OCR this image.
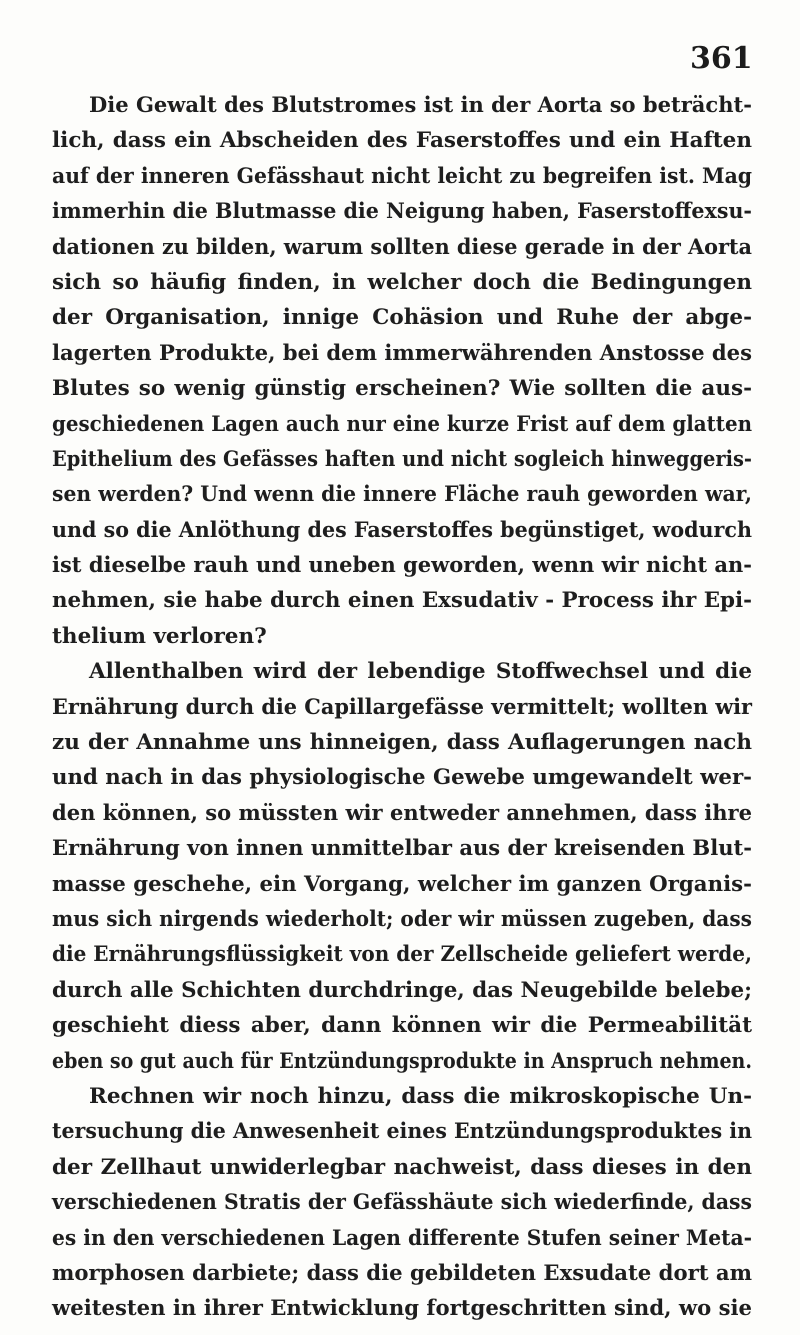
361
Die Gewalt des Blutstromes ist in der Aorta so beträcht-
lich, dass ein Abscheiden des Faserstoffes und ein Haften
auf der inneren Gefässhaut nicht leicht zu begreifen ist. Mag
immerhin die Blutmasse die Neigung haben, Faserstoffexsu-
dationen zu bilden, warum sollten diese gerade in der Aorta
sich so häufig finden, in welcher doch die Bedingungen
der Organisation, innige Cohäsion und Ruhe der abge-
lagerten Produkte, bei dem immerwährenden Anstosse des
Blutes so wenig günstig erscheinen? Wie sollten die aus-
geschiedenen Lagen auch nur eine kurze Frist auf dem glatten
Epithelium des Gefässes haften und nicht sogleich hinweggeris-
sen werden? Und wenn die innere Fläche rauh geworden war,
und so die Anlöthung des Faserstoffes begünstiget, wodurch
ist dieselbe rauh und uneben geworden, wenn wir nicht an-
nehmen, sie habe durch einen Exsudativ - Process ihr Epi-
thelium verloren?
Allenthalben wird der lebendige Stoffwechsel und die
Ernährung durch die Capillargefässe vermittelt; wollten wir
zu der Annahme uns hinneigen, dass Auflagerungen nach
und nach in das physiologische Gewebe umgewandelt wer-
den können, so müssten wir entweder annehmen, dass ihre
Ernährung von innen unmittelbar aus der kreisenden Blut-
masse geschehe, ein Vorgang, welcher im ganzen Organis-
mus sich nirgends wiederholt; oder wir müssen zugeben, dass
die Ernährungsflüssigkeit von der Zellscheide geliefert werde,
durch alle Schichten durchdringe, das Neugebilde belebe;
geschieht diess aber, dann können wir die Permeabilität
eben so gut auch für Entzündungsprodukte in Anspruch nehmen.
Rechnen wir noch hinzu, dass die mikroskopische Un-
tersuchung die Anwesenheit eines Entzündungsproduktes in
der Zellhaut unwiderlegbar nachweist, dass dieses in den
verschiedenen Stratis der Gefässhäute sich wiederfinde, dass
es in den verschiedenen Lagen differente Stufen seiner Meta-
morphosen darbiete; dass die gebildeten Exsudate dort am
weitesten in ihrer Entwicklung fortgeschritten sind, wo sie
